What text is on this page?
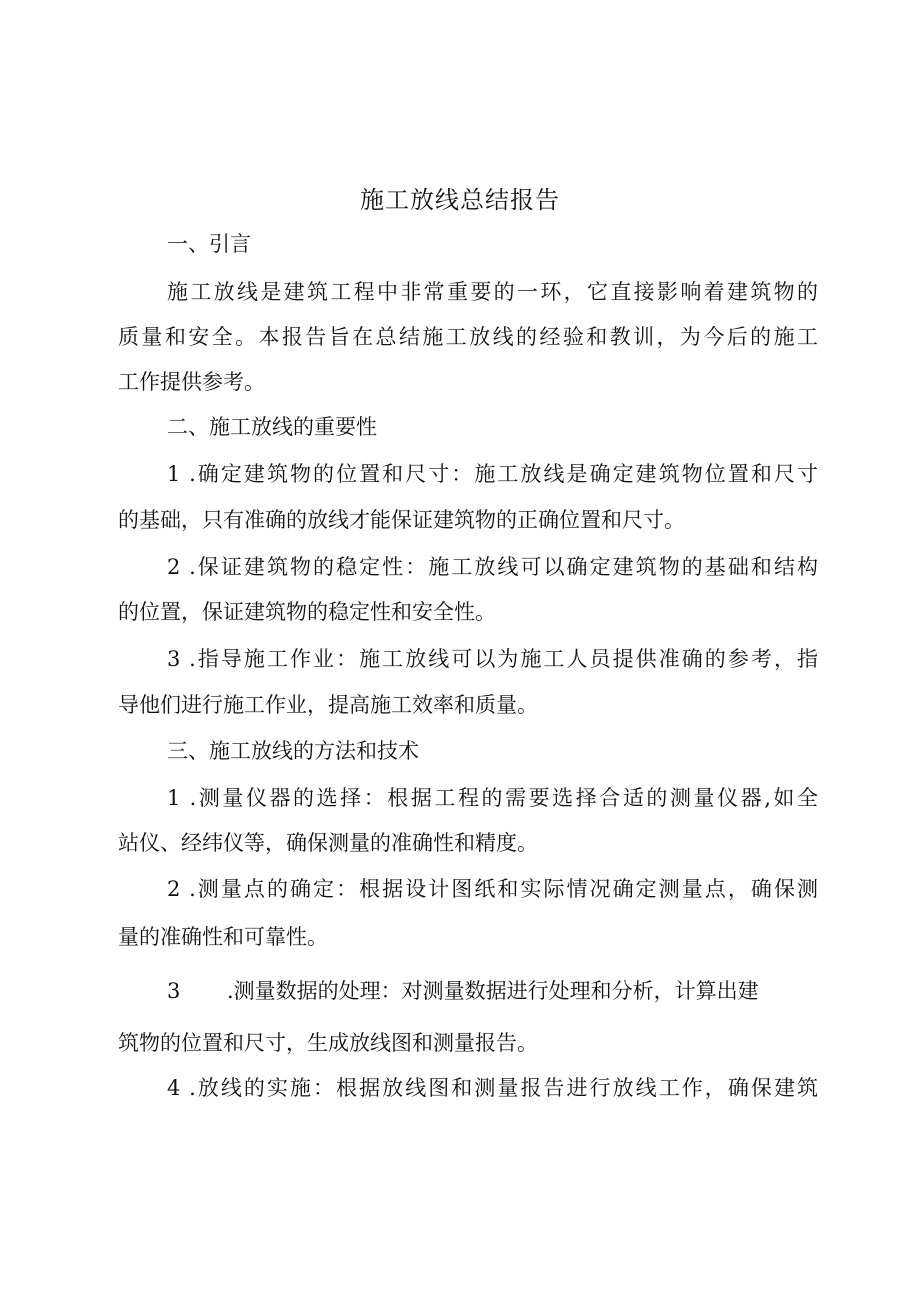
施工放线总结报告
一、引言
施工放线是建筑工程中非常重要的一环，它直接影响着建筑物的
质量和安全。本报告旨在总结施工放线的经验和教训，为今后的施工
工作提供参考。
二、施工放线的重要性
1 .确定建筑物的位置和尺寸：施工放线是确定建筑物位置和尺寸
的基础，只有准确的放线才能保证建筑物的正确位置和尺寸。
2 .保证建筑物的稳定性：施工放线可以确定建筑物的基础和结构
的位置，保证建筑物的稳定性和安全性。
3 .指导施工作业：施工放线可以为施工人员提供准确的参考，指
导他们进行施工作业，提高施工效率和质量。
三、施工放线的方法和技术
1 .测量仪器的选择：根据工程的需要选择合适的测量仪器,如全
站仪、经纬仪等，确保测量的准确性和精度。
2 .测量点的确定：根据设计图纸和实际情况确定测量点，确保测
量的准确性和可靠性。
3 .测量数据的处理：对测量数据进行处理和分析，计算出建
筑物的位置和尺寸，生成放线图和测量报告。
4 .放线的实施：根据放线图和测量报告进行放线工作，确保建筑
